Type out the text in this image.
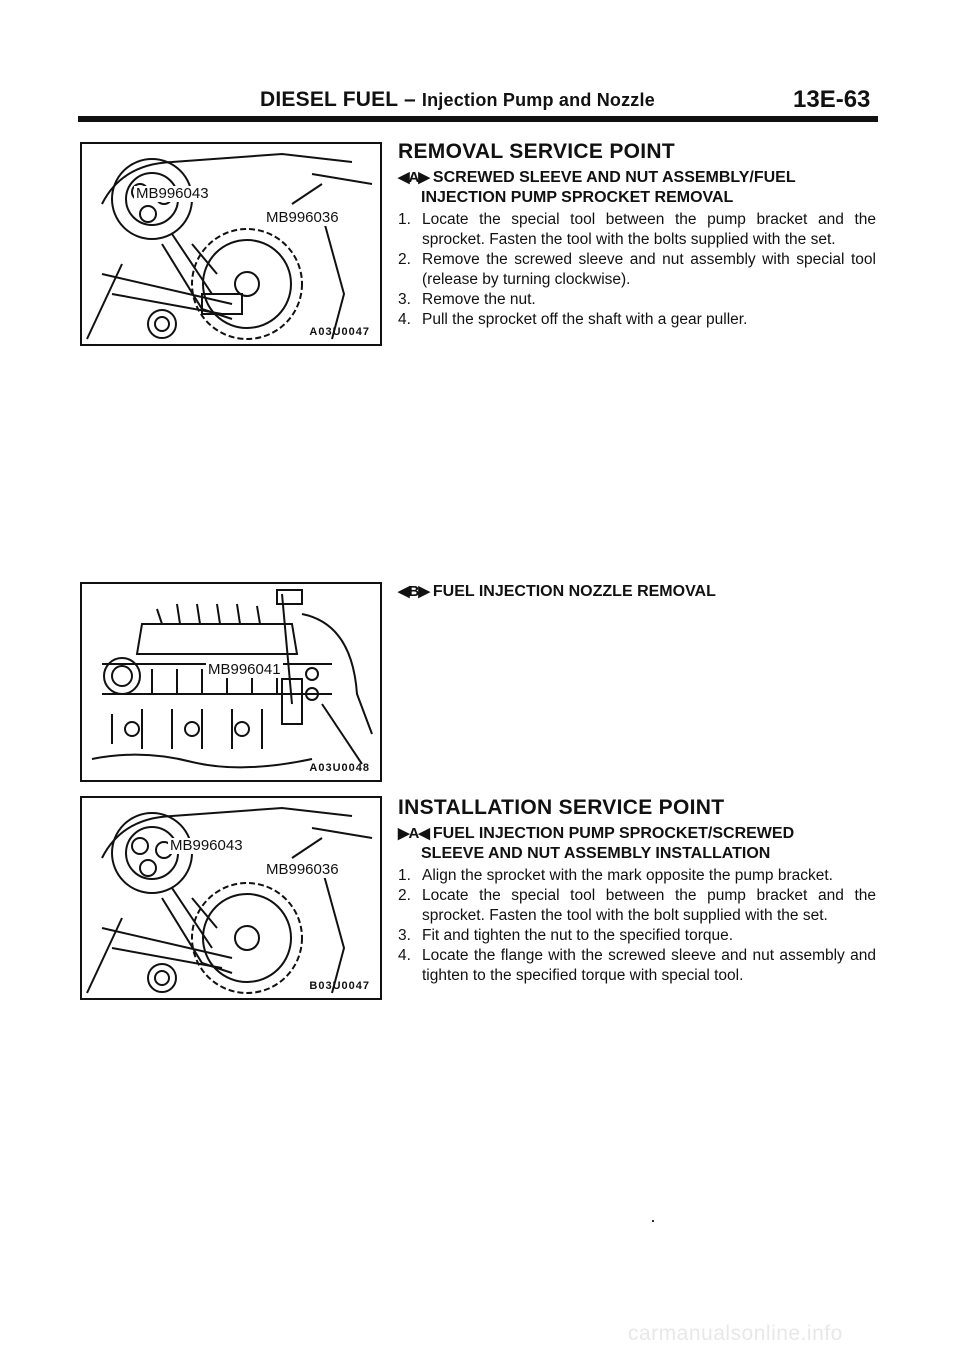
DIESEL FUEL – Injection Pump and Nozzle	13E-63
MB996043
MB996036
A03U0047
MB996041
A03U0048
MB996043
MB996036
B03U0047
REMOVAL SERVICE POINT
◀A▶ SCREWED SLEEVE AND NUT ASSEMBLY/FUEL
INJECTION PUMP SPROCKET REMOVAL
1. Locate the special tool between the pump bracket and the sprocket. Fasten the tool with the bolts supplied with the set.
2. Remove the screwed sleeve and nut assembly with special tool (release by turning clockwise).
3. Remove the nut.
4. Pull the sprocket off the shaft with a gear puller.
◀B▶ FUEL INJECTION NOZZLE REMOVAL
INSTALLATION SERVICE POINT
▶A◀ FUEL INJECTION PUMP SPROCKET/SCREWED
SLEEVE AND NUT ASSEMBLY INSTALLATION
1. Align the sprocket with the mark opposite the pump bracket.
2. Locate the special tool between the pump bracket and the sprocket. Fasten the tool with the bolt supplied with the set.
3. Fit and tighten the nut to the specified torque.
4. Locate the flange with the screwed sleeve and nut assembly and tighten to the specified torque with special tool.
carmanualsonline.info
